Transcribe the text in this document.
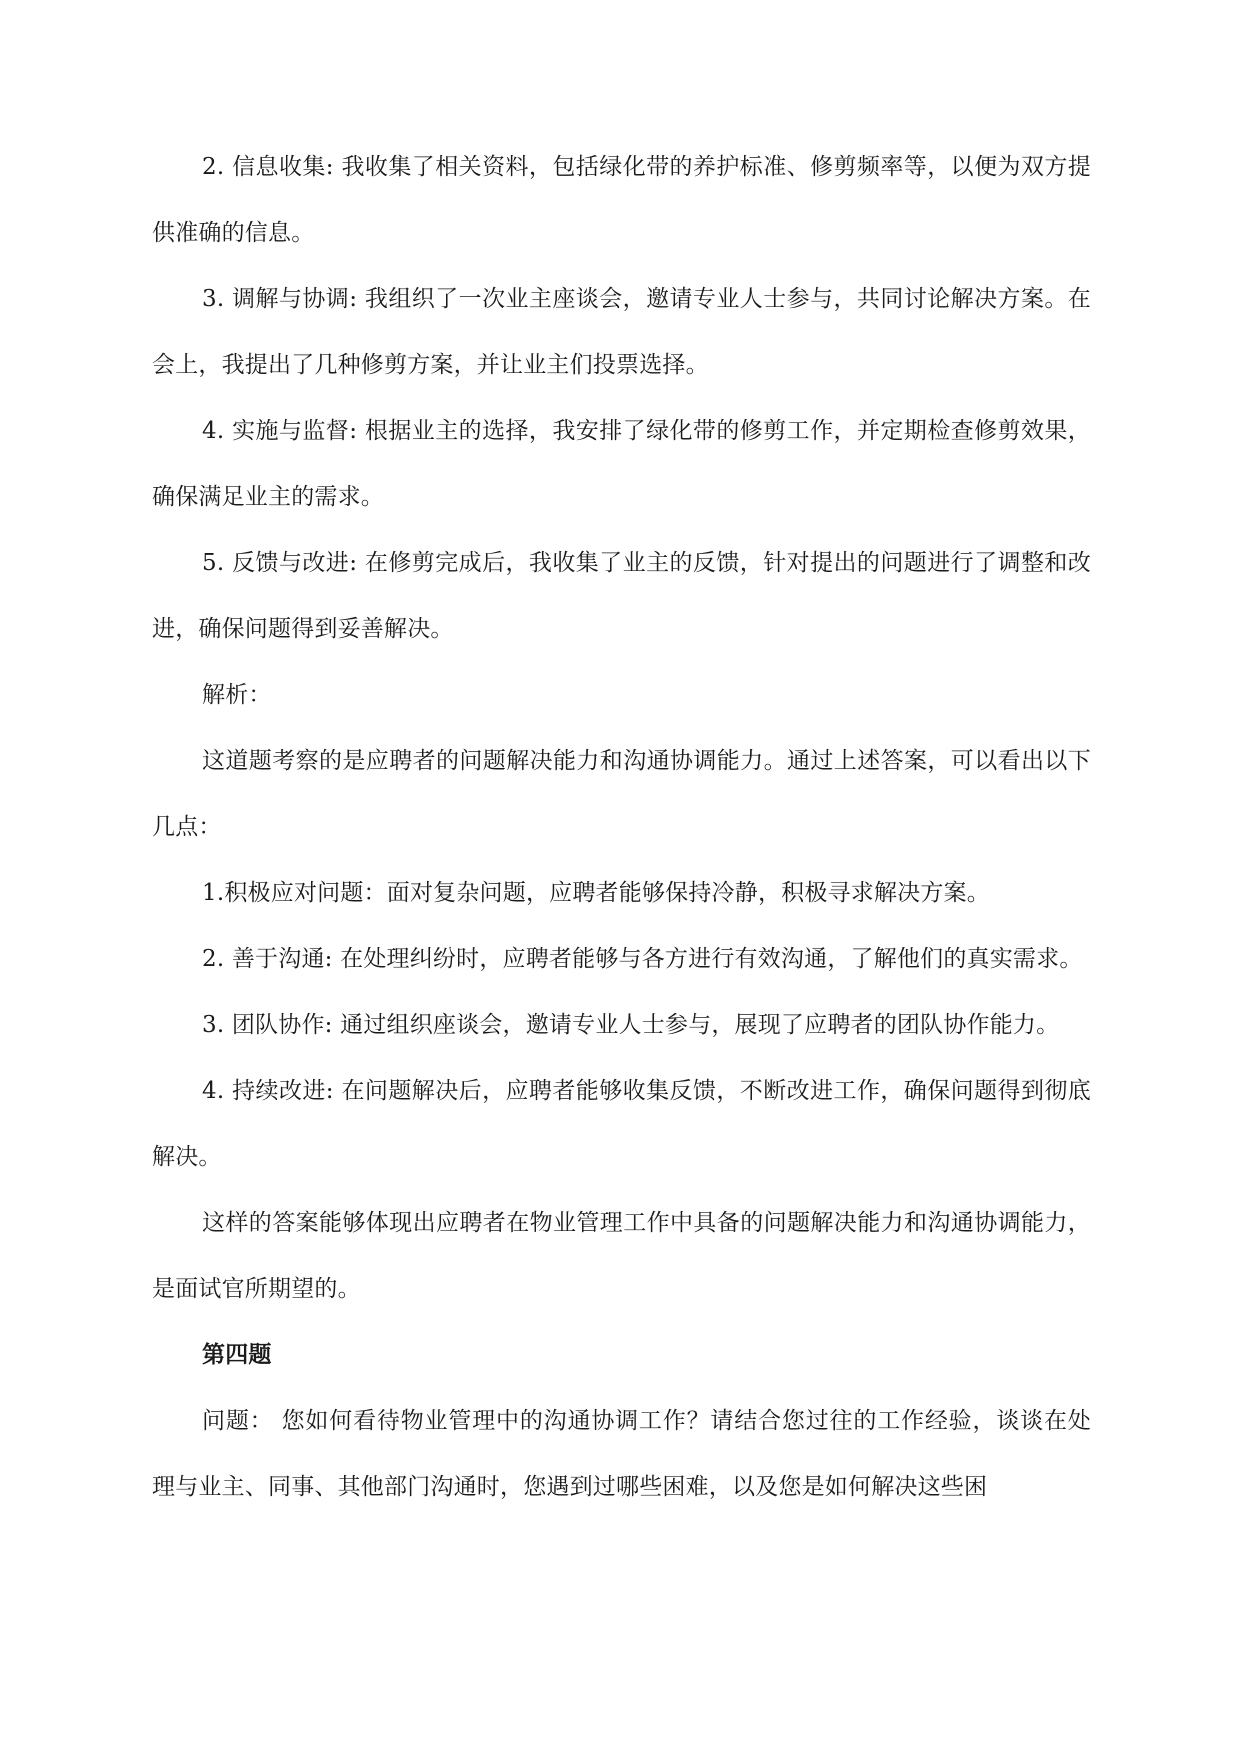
2. 信息收集: 我收集了相关资料，包括绿化带的养护标准、修剪频率等，以便为双方提供准确的信息。

3. 调解与协调: 我组织了一次业主座谈会，邀请专业人士参与，共同讨论解决方案。在会上，我提出了几种修剪方案，并让业主们投票选择。

4. 实施与监督: 根据业主的选择，我安排了绿化带的修剪工作，并定期检查修剪效果，确保满足业主的需求。

5. 反馈与改进: 在修剪完成后，我收集了业主的反馈，针对提出的问题进行了调整和改进，确保问题得到妥善解决。

解析：

这道题考察的是应聘者的问题解决能力和沟通协调能力。通过上述答案，可以看出以下几点：

1.积极应对问题：面对复杂问题，应聘者能够保持冷静，积极寻求解决方案。

2. 善于沟通: 在处理纠纷时，应聘者能够与各方进行有效沟通，了解他们的真实需求。

3. 团队协作: 通过组织座谈会，邀请专业人士参与，展现了应聘者的团队协作能力。

4. 持续改进: 在问题解决后，应聘者能够收集反馈，不断改进工作，确保问题得到彻底解决。

这样的答案能够体现出应聘者在物业管理工作中具备的问题解决能力和沟通协调能力，是面试官所期望的。

第四题

问题： 您如何看待物业管理中的沟通协调工作？请结合您过往的工作经验，谈谈在处理与业主、同事、其他部门沟通时，您遇到过哪些困难，以及您是如何解决这些困
